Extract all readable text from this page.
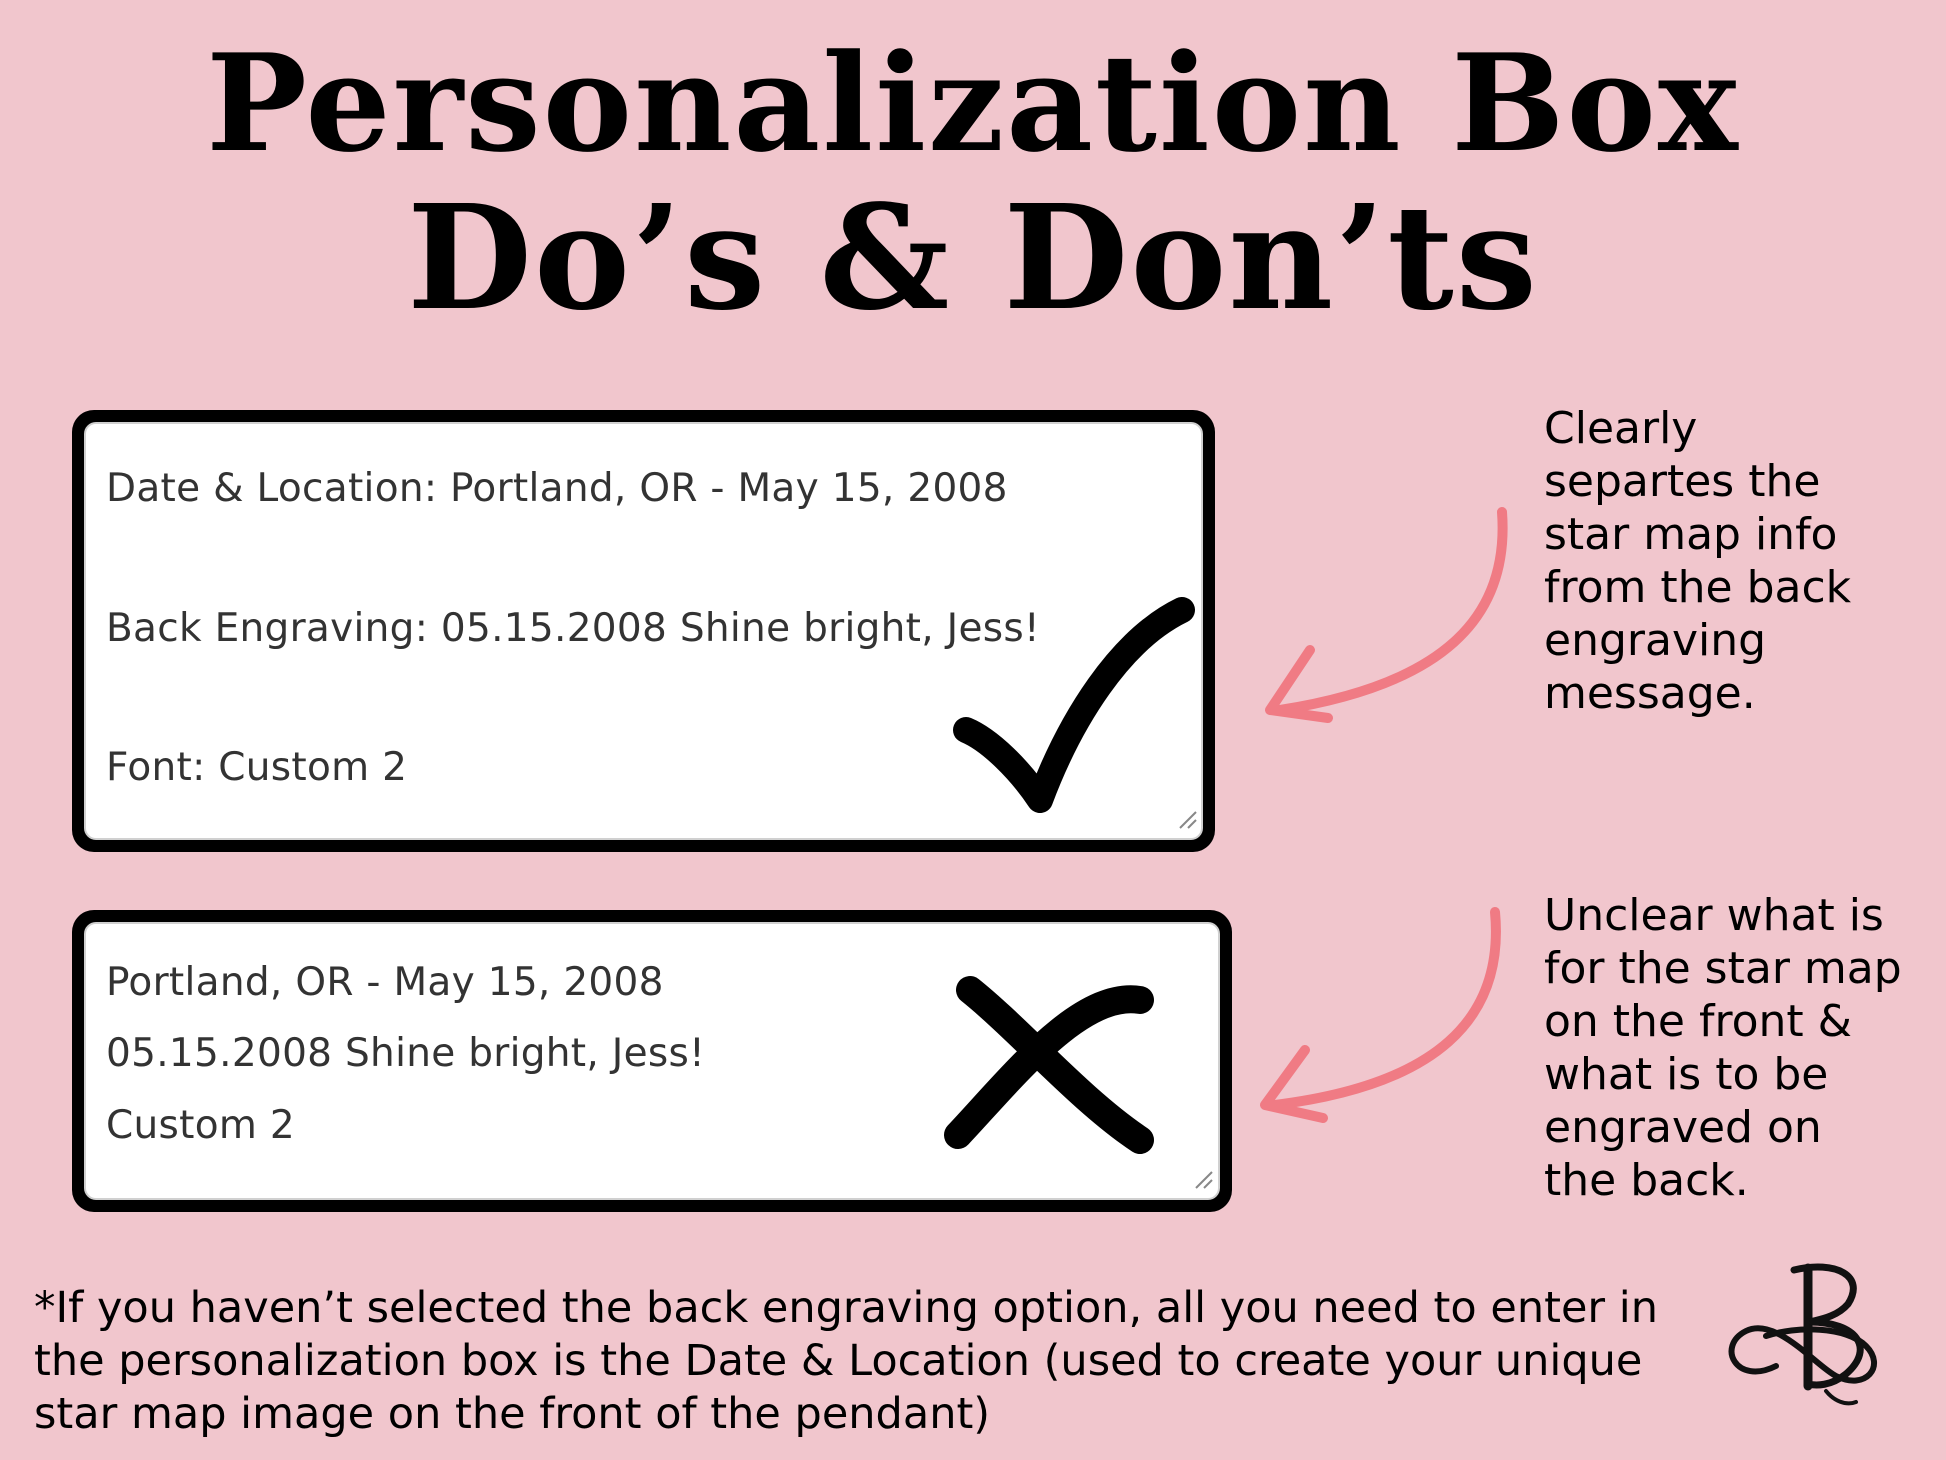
Personalization Box
Do’s & Don’ts

Date & Location: Portland, OR - May 15, 2008

Back Engraving: 05.15.2008 Shine bright, Jess!

Font: Custom 2

Portland, OR - May 15, 2008

05.15.2008 Shine bright, Jess!

Custom 2

Clearly
separtes the
star map info
from the back
engraving
message.

Unclear what is
for the star map
on the front &
what is to be
engraved on
the back.

*If you haven’t selected the back engraving option, all you need to enter in
the personalization box is the Date & Location (used to create your unique
star map image on the front of the pendant)
